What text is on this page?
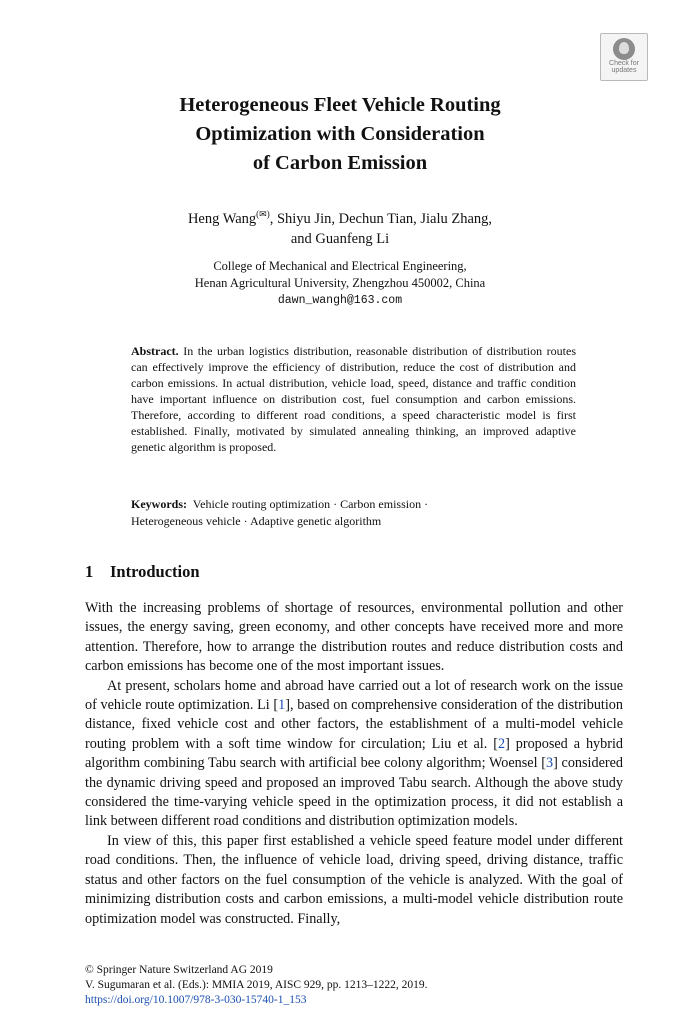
Check for
updates
Heterogeneous Fleet Vehicle Routing
Optimization with Consideration
of Carbon Emission
Heng Wang(✉), Shiyu Jin, Dechun Tian, Jialu Zhang,
and Guanfeng Li
College of Mechanical and Electrical Engineering,
Henan Agricultural University, Zhengzhou 450002, China
dawn_wangh@163.com
Abstract. In the urban logistics distribution, reasonable distribution of distribution routes can effectively improve the efficiency of distribution, reduce the cost of distribution and carbon emissions. In actual distribution, vehicle load, speed, distance and traffic condition have important influence on distribution cost, fuel consumption and carbon emissions. Therefore, according to different road conditions, a speed characteristic model is first established. Finally, motivated by simulated annealing thinking, an improved adaptive genetic algorithm is proposed.
Keywords: Vehicle routing optimization · Carbon emission ·
Heterogeneous vehicle · Adaptive genetic algorithm
1 Introduction

With the increasing problems of shortage of resources, environmental pollution and other issues, the energy saving, green economy, and other concepts have received more and more attention. Therefore, how to arrange the distribution routes and reduce distribution costs and carbon emissions has become one of the most important issues.

At present, scholars home and abroad have carried out a lot of research work on the issue of vehicle route optimization. Li [1], based on comprehensive consideration of the distribution distance, fixed vehicle cost and other factors, the establishment of a multi-model vehicle routing problem with a soft time window for circulation; Liu et al. [2] proposed a hybrid algorithm combining Tabu search with artificial bee colony algorithm; Woensel [3] considered the dynamic driving speed and proposed an improved Tabu search. Although the above study considered the time-varying vehicle speed in the optimization process, it did not establish a link between different road conditions and distribution optimization models.

In view of this, this paper first established a vehicle speed feature model under different road conditions. Then, the influence of vehicle load, driving speed, driving distance, traffic status and other factors on the fuel consumption of the vehicle is analyzed. With the goal of minimizing distribution costs and carbon emissions, a multi-model vehicle distribution route optimization model was constructed. Finally,

© Springer Nature Switzerland AG 2019
V. Sugumaran et al. (Eds.): MMIA 2019, AISC 929, pp. 1213–1222, 2019.
https://doi.org/10.1007/978-3-030-15740-1_153
